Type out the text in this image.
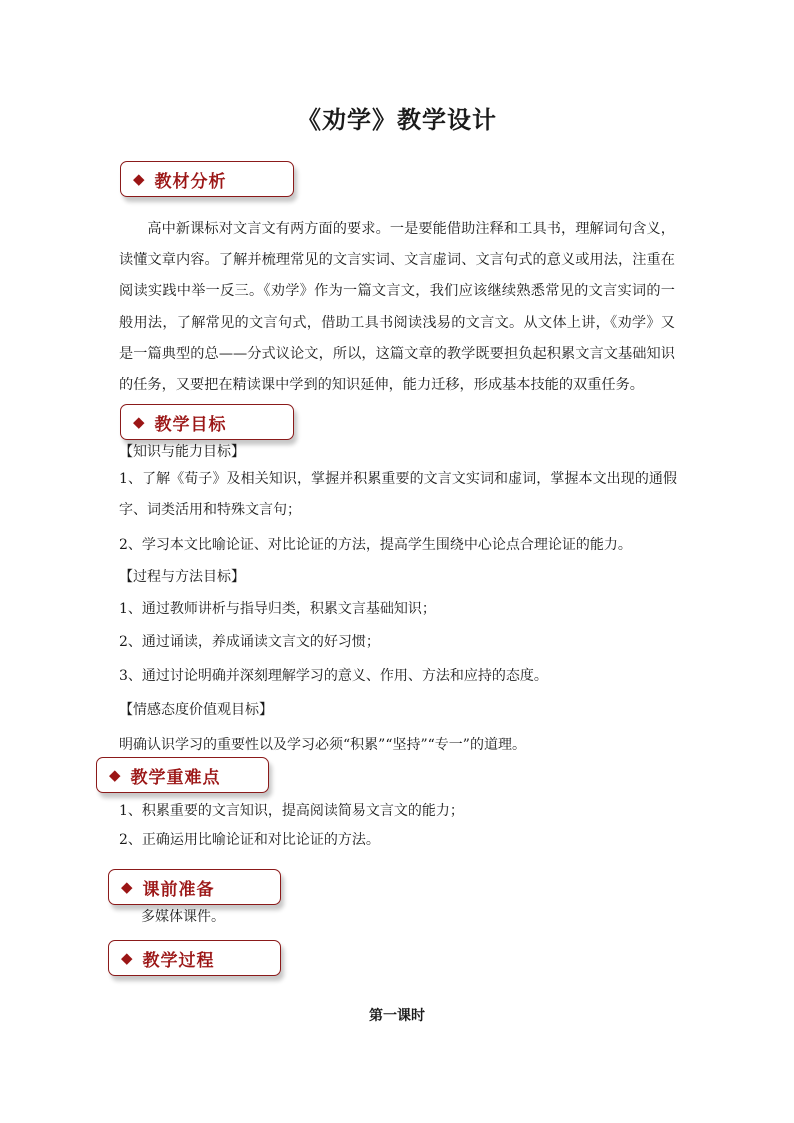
《劝学》教学设计
◆ 教材分析

高中新课标对文言文有两方面的要求。一是要能借助注释和工具书，理解词句含义，读懂文章内容。了解并梳理常见的文言实词、文言虚词、文言句式的意义或用法，注重在阅读实践中举一反三。《劝学》作为一篇文言文，我们应该继续熟悉常见的文言实词的一般用法，了解常见的文言句式，借助工具书阅读浅易的文言文。从文体上讲，《劝学》又是一篇典型的总——分式议论文，所以，这篇文章的教学既要担负起积累文言文基础知识的任务，又要把在精读课中学到的知识延伸，能力迁移，形成基本技能的双重任务。

◆ 教学目标
【知识与能力目标】
1、了解《荀子》及相关知识，掌握并积累重要的文言文实词和虚词，掌握本文出现的通假字、词类活用和特殊文言句；
2、学习本文比喻论证、对比论证的方法，提高学生围绕中心论点合理论证的能力。
【过程与方法目标】
1、通过教师讲析与指导归类，积累文言基础知识；
2、通过诵读，养成诵读文言文的好习惯；
3、通过讨论明确并深刻理解学习的意义、作用、方法和应持的态度。
【情感态度价值观目标】
明确认识学习的重要性以及学习必须“积累”“坚持”“专一”的道理。
◆ 教学重难点
1、积累重要的文言知识，提高阅读简易文言文的能力；
2、正确运用比喻论证和对比论证的方法。
◆ 课前准备
多媒体课件。
◆ 教学过程
第一课时
